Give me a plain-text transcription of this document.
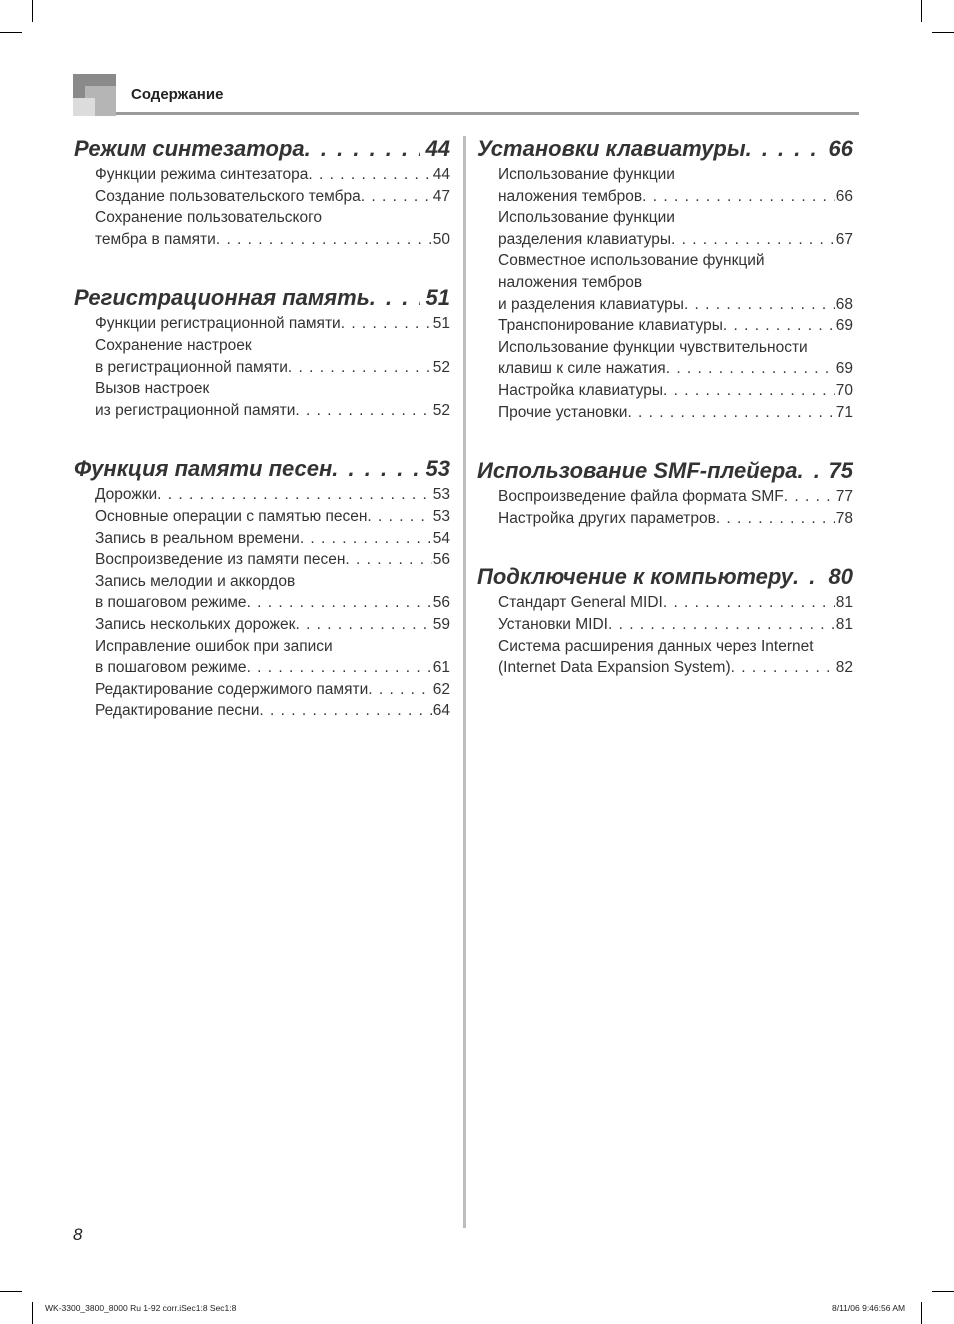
Содержание
Режим синтезатора . . .	44
Функции режима синтезатора . . .	44
Создание пользовательского тембра . . .	47
Сохранение пользовательского
тембра в памяти . . .	50
Регистрационная память . . .	51
Функции регистрационной памяти . . .	51
Сохранение настроек
в регистрационной памяти . . .	52
Вызов настроек
из регистрационной памяти . . .	52
Функция памяти песен . . .	53
Дорожки . . .	53
Основные операции с памятью песен . . .	53
Запись в реальном времени . . .	54
Воспроизведение из памяти песен . . .	56
Запись мелодии и аккордов
в пошаговом режиме . . .	56
Запись нескольких дорожек . . .	59
Исправление ошибок при записи
в пошаговом режиме . . .	61
Редактирование содержимого памяти . . .	62
Редактирование песни . . .	64
Установки клавиатуры . . .	66
Использование функции
наложения тембров . . .	66
Использование функции
разделения клавиатуры . . .	67
Совместное использование функций
наложения тембров
и разделения клавиатуры . . .	68
Транспонирование клавиатуры . . .	69
Использование функции чувствительности
клавиш к силе нажатия . . .	69
Настройка клавиатуры . . .	70
Прочие установки . . .	71
Использование SMF-плейера . . . 75
Воспроизведение файла формата SMF . . .	77
Настройка других параметров . . .	78
Подключение к компьютеру . . . 80
Стандарт General MIDI . . .	81
Установки MIDI . . .	81
Система расширения данных через Internet
(Internet Data Expansion System) . . .	82
8
WK-3300_3800_8000 Ru 1-92 corr.iSec1:8 Sec1:8	8/11/06 9:46:56 AM
